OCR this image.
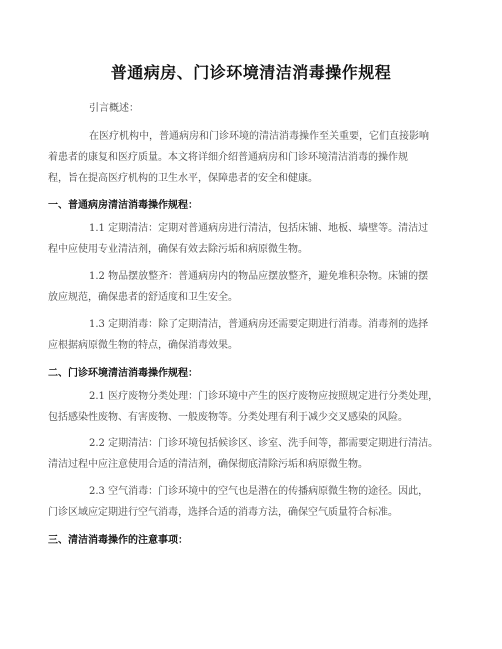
普通病房、门诊环境清洁消毒操作规程

引言概述：

在医疗机构中，普通病房和门诊环境的清洁消毒操作至关重要，它们直接影响
着患者的康复和医疗质量。本文将详细介绍普通病房和门诊环境清洁消毒的操作规
程，旨在提高医疗机构的卫生水平，保障患者的安全和健康。

一、普通病房清洁消毒操作规程：

1.1 定期清洁：定期对普通病房进行清洁，包括床铺、地板、墙壁等。清洁过
程中应使用专业清洁剂，确保有效去除污垢和病原微生物。

1.2 物品摆放整齐：普通病房内的物品应摆放整齐，避免堆积杂物。床铺的摆
放应规范，确保患者的舒适度和卫生安全。

1.3 定期消毒：除了定期清洁，普通病房还需要定期进行消毒。消毒剂的选择
应根据病原微生物的特点，确保消毒效果。

二、门诊环境清洁消毒操作规程：

2.1 医疗废物分类处理：门诊环境中产生的医疗废物应按照规定进行分类处理，
包括感染性废物、有害废物、一般废物等。分类处理有利于减少交叉感染的风险。

2.2 定期清洁：门诊环境包括候诊区、诊室、洗手间等，都需要定期进行清洁。
清洁过程中应注意使用合适的清洁剂，确保彻底清除污垢和病原微生物。

2.3 空气消毒：门诊环境中的空气也是潜在的传播病原微生物的途径。因此，
门诊区域应定期进行空气消毒，选择合适的消毒方法，确保空气质量符合标准。

三、清洁消毒操作的注意事项：
